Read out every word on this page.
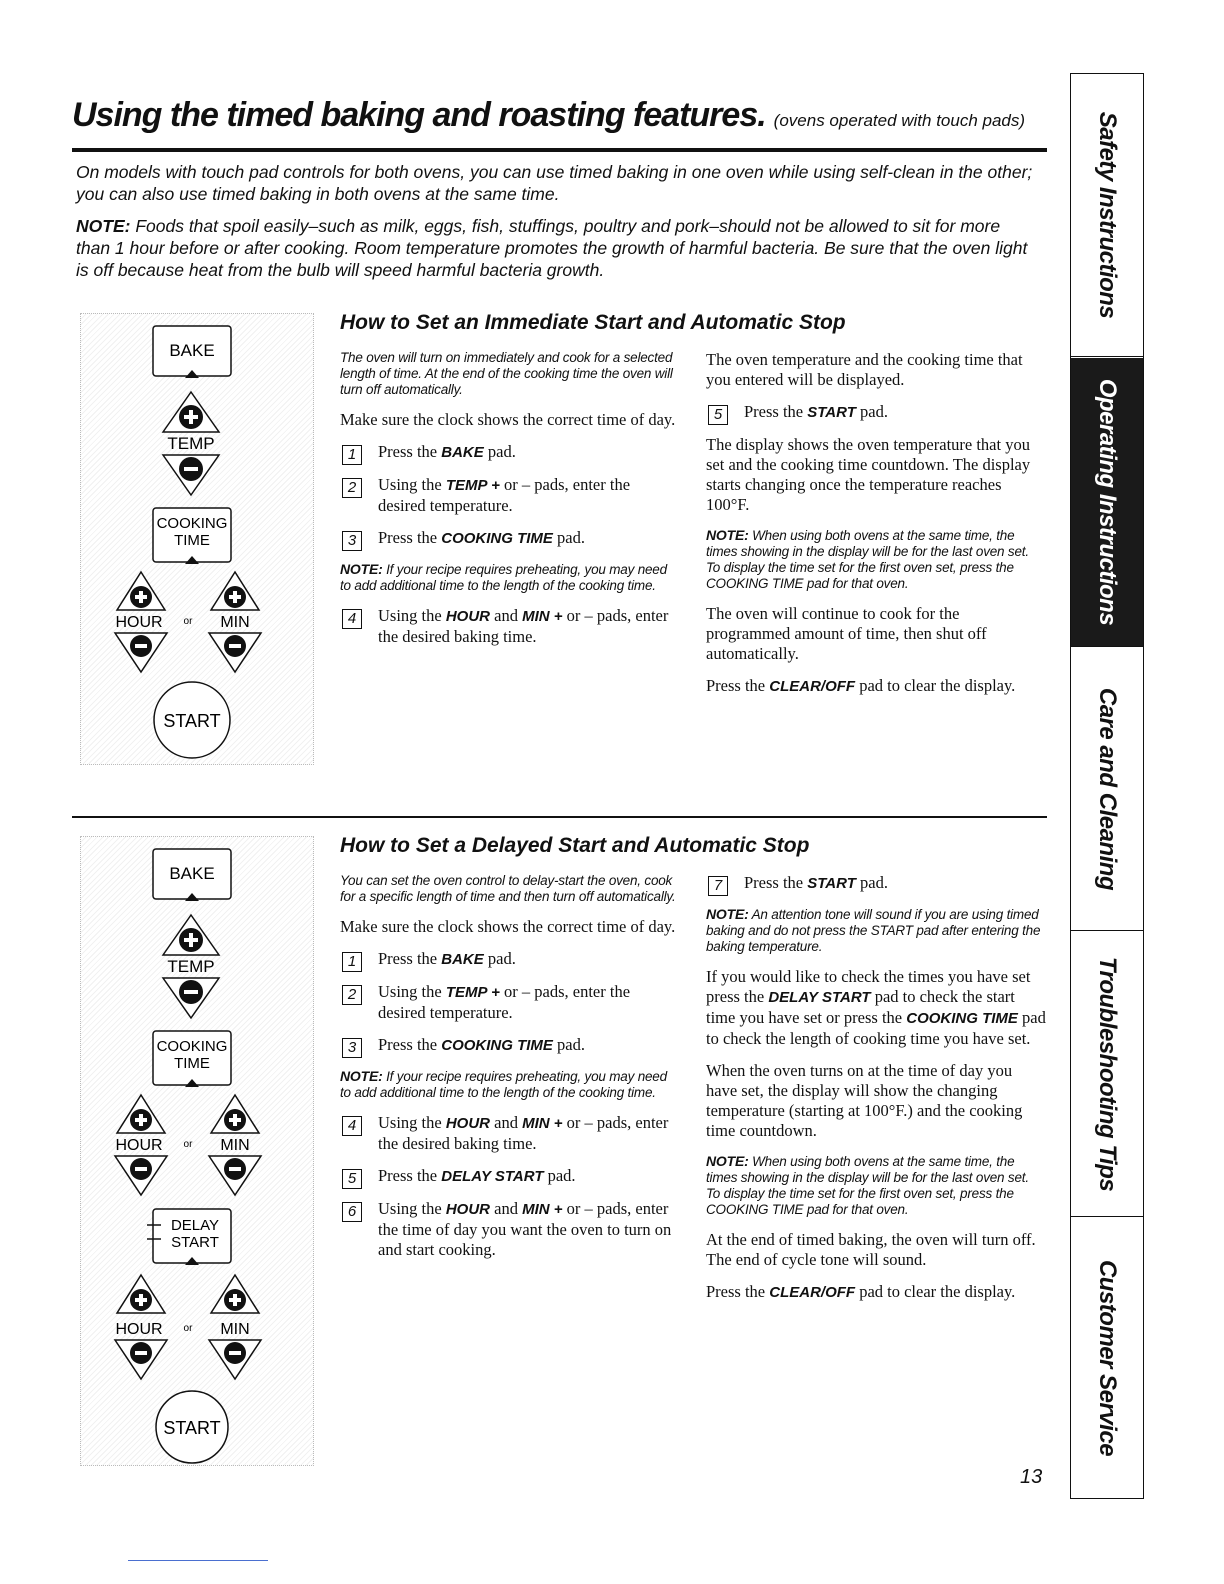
Using the timed baking and roasting features. (ovens operated with touch pads)

On models with touch pad controls for both ovens, you can use timed baking in one oven while using self-clean in the other; you can also use timed baking in both ovens at the same time.

NOTE: Foods that spoil easily–such as milk, eggs, fish, stuffings, poultry and pork–should not be allowed to sit for more than 1 hour before or after cooking. Room temperature promotes the growth of harmful bacteria. Be sure that the oven light is off because heat from the bulb will speed harmful bacteria growth.

BAKE
TEMP
COOKING
TIME
HOUR or MIN
START
How to Set an Immediate Start and Automatic Stop

The oven will turn on immediately and cook for a selected length of time. At the end of the cooking time the oven will turn off automatically.

Make sure the clock shows the correct time of day.

1	Press the BAKE pad.

2	Using the TEMP + or – pads, enter the desired temperature.

3	Press the COOKING TIME pad.

NOTE: If your recipe requires preheating, you may need to add additional time to the length of the cooking time.

4	Using the HOUR and MIN + or – pads, enter the desired baking time.

The oven temperature and the cooking time that you entered will be displayed.

5	Press the START pad.

The display shows the oven temperature that you set and the cooking time countdown. The display starts changing once the temperature reaches 100°F.

NOTE: When using both ovens at the same time, the times showing in the display will be for the last oven set. To display the time set for the first oven set, press the COOKING TIME pad for that oven.

The oven will continue to cook for the programmed amount of time, then shut off automatically.

Press the CLEAR/OFF pad to clear the display.

BAKE
TEMP
COOKING
TIME
HOUR or MIN
DELAY
START
HOUR or MIN
START
How to Set a Delayed Start and Automatic Stop

You can set the oven control to delay-start the oven, cook for a specific length of time and then turn off automatically.

Make sure the clock shows the correct time of day.

1	Press the BAKE pad.

2	Using the TEMP + or – pads, enter the desired temperature.

3	Press the COOKING TIME pad.

NOTE: If your recipe requires preheating, you may need to add additional time to the length of the cooking time.

4	Using the HOUR and MIN + or – pads, enter the desired baking time.

5	Press the DELAY START pad.

6	Using the HOUR and MIN + or – pads, enter the time of day you want the oven to turn on and start cooking.

7	Press the START pad.

NOTE: An attention tone will sound if you are using timed baking and do not press the START pad after entering the baking temperature.

If you would like to check the times you have set press the DELAY START pad to check the start time you have set or press the COOKING TIME pad to check the length of cooking time you have set.

When the oven turns on at the time of day you have set, the display will show the changing temperature (starting at 100°F.) and the cooking time countdown.

NOTE: When using both ovens at the same time, the times showing in the display will be for the last oven set. To display the time set for the first oven set, press the COOKING TIME pad for that oven.

At the end of timed baking, the oven will turn off. The end of cycle tone will sound.

Press the CLEAR/OFF pad to clear the display.

Safety Instructions
Operating Instructions
Care and Cleaning
Troubleshooting Tips
Customer Service
13
